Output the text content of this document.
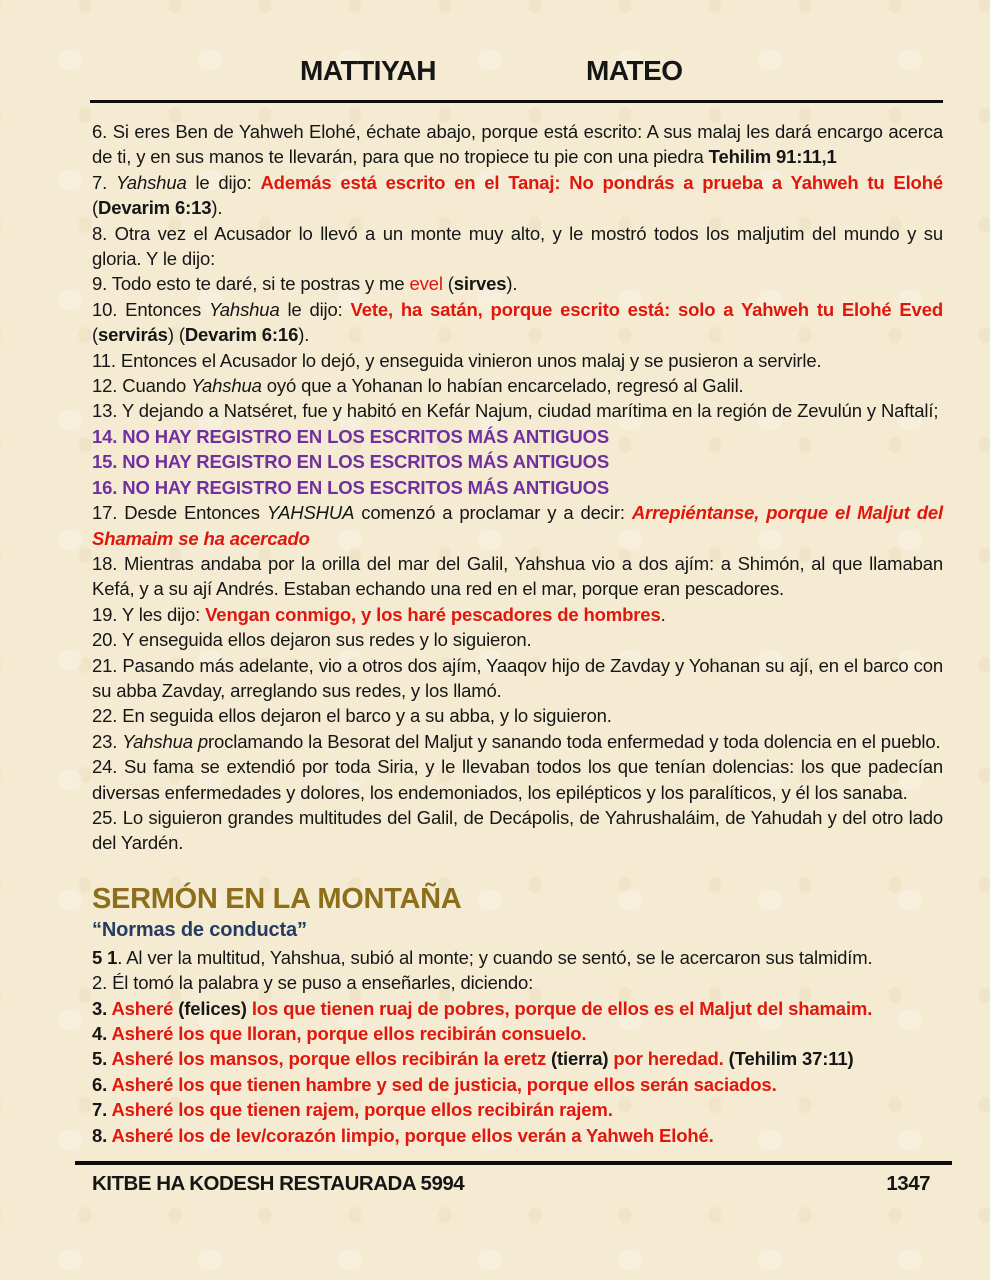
MATTIYAH	MATEO

6. Si eres Ben de Yahweh Elohé, échate abajo, porque está escrito: A sus malaj les dará encargo acerca de ti, y en sus manos te llevarán, para que no tropiece tu pie con una piedra Tehilim 91:11,1

7. Yahshua le dijo: Además está escrito en el Tanaj: No pondrás a prueba a Yahweh tu Elohé (Devarim 6:13).

8. Otra vez el Acusador lo llevó a un monte muy alto, y le mostró todos los maljutim del mundo y su gloria. Y le dijo:

9. Todo esto te daré, si te postras y me evel (sirves).

10. Entonces Yahshua le dijo: Vete, ha satán, porque escrito está: solo a Yahweh tu Elohé Eved (servirás) (Devarim 6:16).

11. Entonces el Acusador lo dejó, y enseguida vinieron unos malaj y se pusieron a servirle.

12. Cuando Yahshua oyó que a Yohanan lo habían encarcelado, regresó al Galil.

13. Y dejando a Natséret, fue y habitó en Kefár Najum, ciudad marítima en la región de Zevulún y Naftalí;

14. NO HAY REGISTRO EN LOS ESCRITOS MÁS ANTIGUOS

15. NO HAY REGISTRO EN LOS ESCRITOS MÁS ANTIGUOS

16. NO HAY REGISTRO EN LOS ESCRITOS MÁS ANTIGUOS

17. Desde Entonces YAHSHUA comenzó a proclamar y a decir: Arrepiéntanse, porque el Maljut del Shamaim se ha acercado

18. Mientras andaba por la orilla del mar del Galil, Yahshua vio a dos ajím: a Shimón, al que llamaban Kefá, y a su ají Andrés. Estaban echando una red en el mar, porque eran pescadores.

19. Y les dijo: Vengan conmigo, y los haré pescadores de hombres.

20. Y enseguida ellos dejaron sus redes y lo siguieron.

21. Pasando más adelante, vio a otros dos ajím, Yaaqov hijo de Zavday y Yohanan su ají, en el barco con su abba Zavday, arreglando sus redes, y los llamó.

22. En seguida ellos dejaron el barco y a su abba, y lo siguieron.

23. Yahshua proclamando la Besorat del Maljut y sanando toda enfermedad y toda dolencia en el pueblo.

24. Su fama se extendió por toda Siria, y le llevaban todos los que tenían dolencias: los que padecían diversas enfermedades y dolores, los endemoniados, los epilépticos y los paralíticos, y él los sanaba.

25. Lo siguieron grandes multitudes del Galil, de Decápolis, de Yahrushaláim, de Yahudah y del otro lado del Yardén.

SERMÓN EN LA MONTAÑA
“Normas de conducta”

5 1. Al ver la multitud, Yahshua, subió al monte; y cuando se sentó, se le acercaron sus talmidím.

2. Él tomó la palabra y se puso a enseñarles, diciendo:

3. Asheré (felices) los que tienen ruaj de pobres, porque de ellos es el Maljut del shamaim.

4. Asheré los que lloran, porque ellos recibirán consuelo.

5. Asheré los mansos, porque ellos recibirán la eretz (tierra) por heredad. (Tehilim 37:11)

6. Asheré los que tienen hambre y sed de justicia, porque ellos serán saciados.

7. Asheré los que tienen rajem, porque ellos recibirán rajem.

8. Asheré los de lev/corazón limpio, porque ellos verán a Yahweh Elohé.

KITBE HA KODESH RESTAURADA 5994	1347
